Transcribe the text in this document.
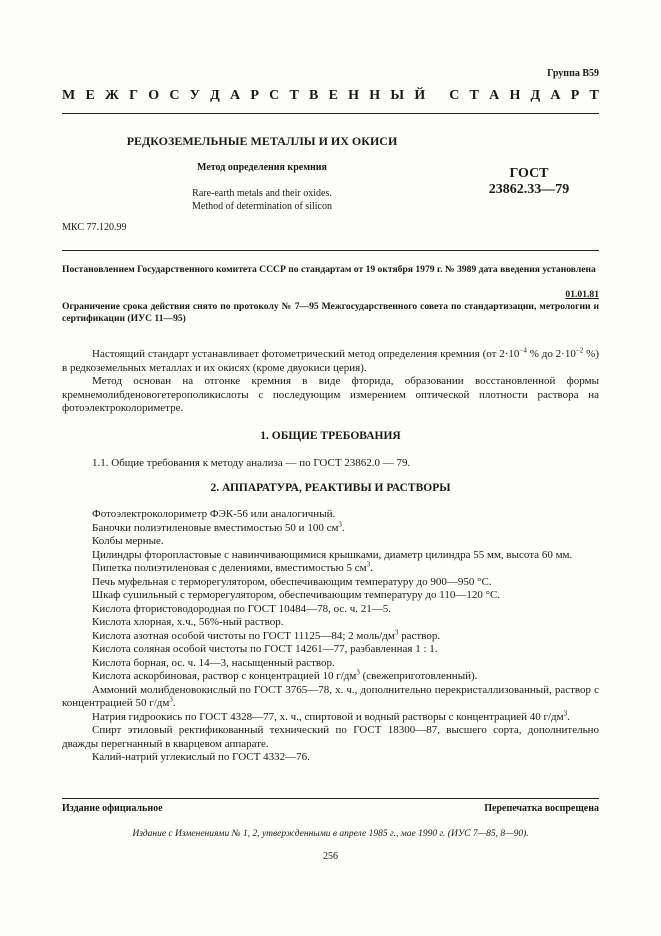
Группа В59
М Е Ж Г О С У Д А Р С Т В Е Н Н Ы Й
С Т А Н Д А Р Т
РЕДКОЗЕМЕЛЬНЫЕ МЕТАЛЛЫ И ИХ ОКИСИ
Метод определения кремния
Rare-earth metals and their oxides.
Method of determination of silicon
ГОСТ
23862.33—79
МКС 77.120.99
Постановлением Государственного комитета СССР по стандартам от 19 октября 1979 г. № 3989 дата введения установлена
01.01.81
Ограничение срока действия снято по протоколу № 7—95 Межгосударственного совета по стандартизации, метрологии и сертификации (ИУС 11—95)

Настоящий стандарт устанавливает фотометрический метод определения кремния (от $2\cdot 10^{-4}$ % до $2\cdot 10^{-2}$ %) в редкоземельных металлах и их окисях (кроме двуокиси церия).

Метод основан на отгонке кремния в виде фторида, образовании восстановленной формы кремнемолибденовогетерополикислоты с последующим измерением оптической плотности раствора на фотоэлектроколориметре.

1. ОБЩИЕ ТРЕБОВАНИЯ

1.1. Общие требования к методу анализа — по ГОСТ 23862.0 — 79.

2. АППАРАТУРА, РЕАКТИВЫ И РАСТВОРЫ

Фотоэлектроколориметр ФЭК-56 или аналогичный.

Баночки полиэтиленовые вместимостью 50 и 100 $см^3$.

Колбы мерные.

Цилиндры фторопластовые с навинчивающимися крышками, диаметр цилиндра 55 мм, высота 60 мм.

Пипетка полиэтиленовая с делениями, вместимостью 5 $см^3$.

Печь муфельная с терморегулятором, обеспечивающим температуру до 900—950 °С.

Шкаф сушильный с терморегулятором, обеспечивающим температуру до 110—120 °С.

Кислота фтористоводородная по ГОСТ 10484—78, ос. ч. 21—5.

Кислота хлорная, х.ч., 56%-ный раствор.

Кислота азотная особой чистоты по ГОСТ 11125—84; 2 моль/$дм^3$ раствор.

Кислота соляная особой чистоты по ГОСТ 14261—77, разбавленная 1 : 1.

Кислота борная, ос. ч. 14—3, насыщенный раствор.

Кислота аскорбиновая, раствор с концентрацией 10 $г/дм^3$ (свежеприготовленный).

Аммоний молибденовокислый по ГОСТ 3765—78, х. ч., дополнительно перекристаллизованный, раствор с концентрацией 50 $г/дм^3$.

Натрия гидроокись по ГОСТ 4328—77, х. ч., спиртовой и водный растворы с концентрацией 40 $г/дм^3$.

Спирт этиловый ректификованный технический по ГОСТ 18300—87, высшего сорта, дополнительно дважды перегнанный в кварцевом аппарате.

Калий-натрий углекислый по ГОСТ 4332—76.

Издание официальное	Перепечатка воспрещена
Издание с Изменениями № 1, 2, утвержденными в апреле 1985 г., мае 1990 г. (ИУС 7—85, 8—90).
256
